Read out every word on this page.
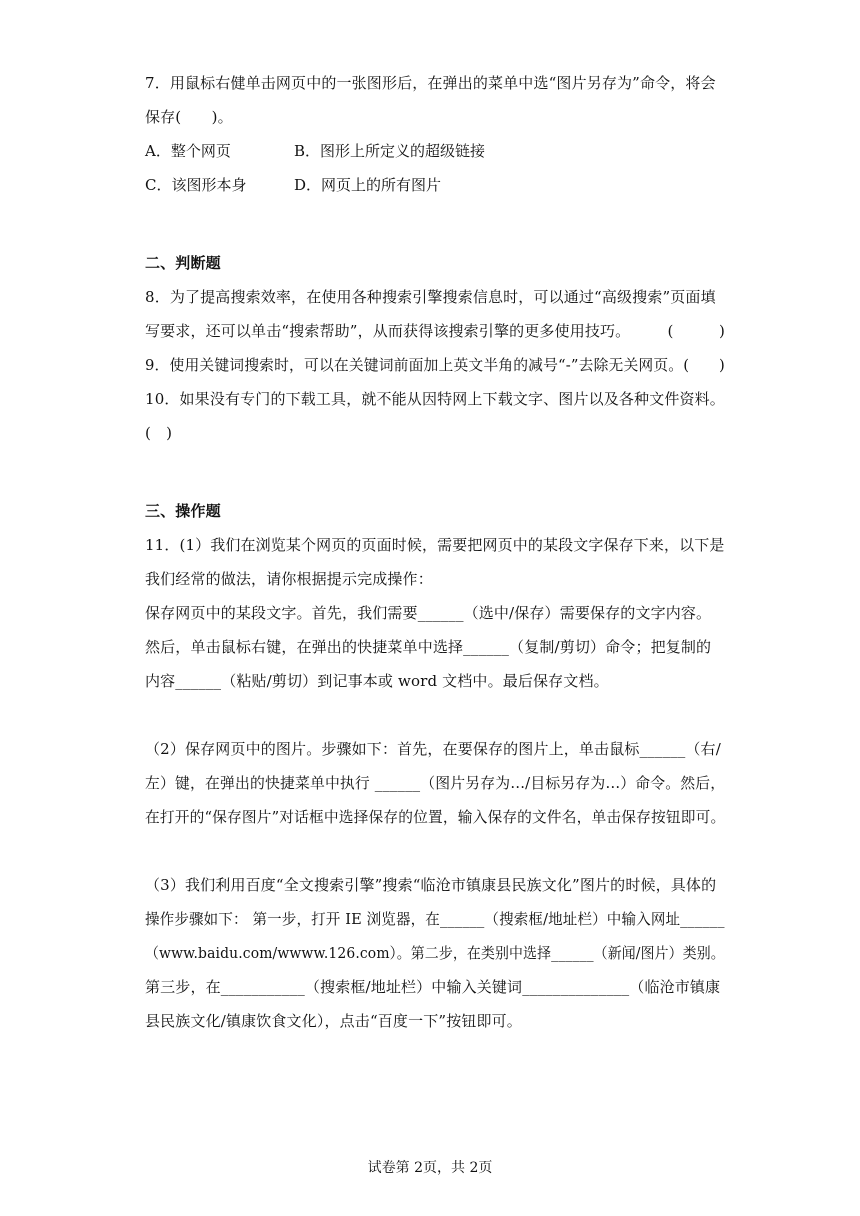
7．用鼠标右健单击网页中的一张图形后，在弹出的菜单中选“图片另存为”命令，将会
保存(　　)。
A．整个网页	B．图形上所定义的超级链接
C．该图形本身	D．网页上的所有图片
二、判断题
8．为了提高搜索效率，在使用各种搜索引擎搜索信息时，可以通过“高级搜索”页面填
写要求，还可以单击“搜索帮助”，从而获得该搜索引擎的更多使用技巧。 (　　　)
9．使用关键词搜索时，可以在关键词前面加上英文半角的减号“-”去除无关网页。 (　　)
10．如果没有专门的下载工具，就不能从因特网上下载文字、图片以及各种文件资料。
(　)
三、操作题
11．(1）我们在浏览某个网页的页面时候，需要把网页中的某段文字保存下来，以下是
我们经常的做法，请你根据提示完成操作：
保存网页中的某段文字。首先，我们需要______（选中/保存）需要保存的文字内容。
然后，单击鼠标右键，在弹出的快捷菜单中选择______（复制/剪切）命令；把复制的
内容______（粘贴/剪切）到记事本或 word 文档中。最后保存文档。
（2）保存网页中的图片。步骤如下：首先，在要保存的图片上，单击鼠标______（右/
左）键，在弹出的快捷菜单中执行 ______（图片另存为…/目标另存为…）命令。然后，
在打开的“保存图片”对话框中选择保存的位置，输入保存的文件名，单击保存按钮即可。
（3）我们利用百度“全文搜索引擎”搜索“临沧市镇康县民族文化”图片的时候，具体的
操作步骤如下： 第一步，打开 IE 浏览器，在______（搜索框/地址栏）中输入网址______
（www.baidu.com/wwww.126.com）。第二步，在类别中选择______（新闻/图片）类别。
第三步，在___________（搜索框/地址栏）中输入关键词______________（临沧市镇康
县民族文化/镇康饮食文化），点击“百度一下”按钮即可。
试卷第 2页，共 2页
